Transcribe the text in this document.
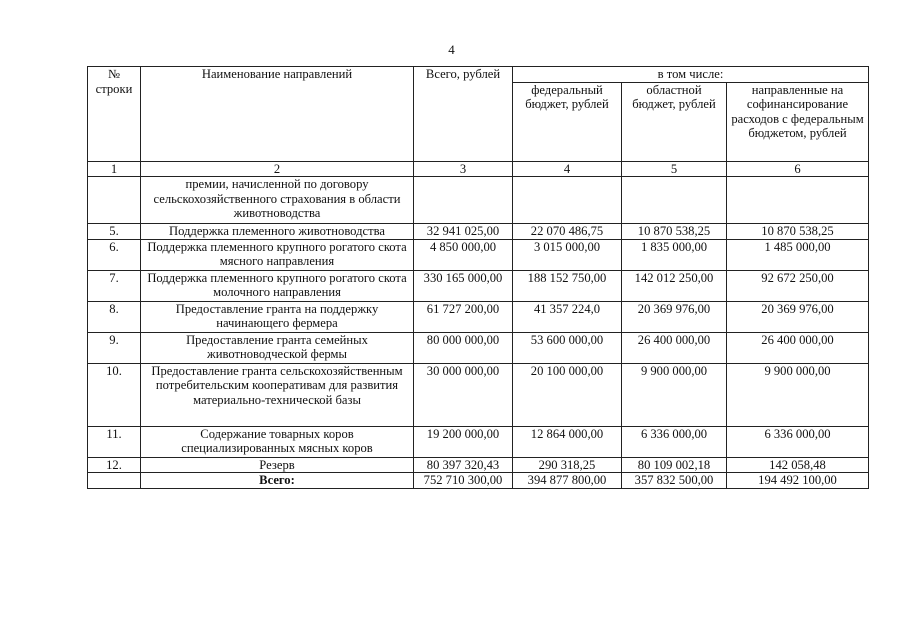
4
№ строки	Наименование направлений	Всего, рублей	в том числе:		
			федеральный бюджет, рублей	областной бюджет, рублей	направленные на софинансирование расходов с федеральным бюджетом, рублей
1	2	3	4	5	6
	премии, начисленной по договору сельскохозяйственного страхования в области животноводства				
5.	Поддержка племенного животноводства	32 941 025,00	22 070 486,75	10 870 538,25	10 870 538,25
6.	Поддержка племенного крупного рогатого скота мясного направления	4 850 000,00	3 015 000,00	1 835 000,00	1 485 000,00
7.	Поддержка племенного крупного рогатого скота молочного направления	330 165 000,00	188 152 750,00	142 012 250,00	92 672 250,00
8.	Предоставление гранта на поддержку начинающего фермера	61 727 200,00	41 357 224,0	20 369 976,00	20 369 976,00
9.	Предоставление гранта семейных животноводческой фермы	80 000 000,00	53 600 000,00	26 400 000,00	26 400 000,00
10.	Предоставление гранта сельскохозяйственным потребительским кооперативам для развития материально-технической базы	30 000 000,00	20 100 000,00	9 900 000,00	9 900 000,00
11.	Содержание товарных коров специализированных мясных коров	19 200 000,00	12 864 000,00	6 336 000,00	6 336 000,00
12.	Резерв	80 397 320,43	290 318,25	80 109 002,18	142 058,48
	Всего:	752 710 300,00	394 877 800,00	357 832 500,00	194 492 100,00
